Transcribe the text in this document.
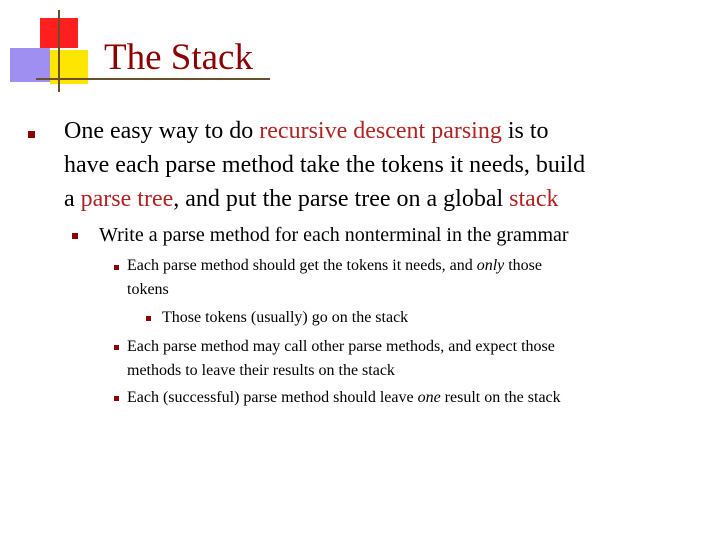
The Stack
One easy way to do recursive descent parsing is to
have each parse method take the tokens it needs, build
a parse tree, and put the parse tree on a global stack
Write a parse method for each nonterminal in the grammar
Each parse method should get the tokens it needs, and only those
tokens
Those tokens (usually) go on the stack
Each parse method may call other parse methods, and expect those
methods to leave their results on the stack
Each (successful) parse method should leave one result on the stack
